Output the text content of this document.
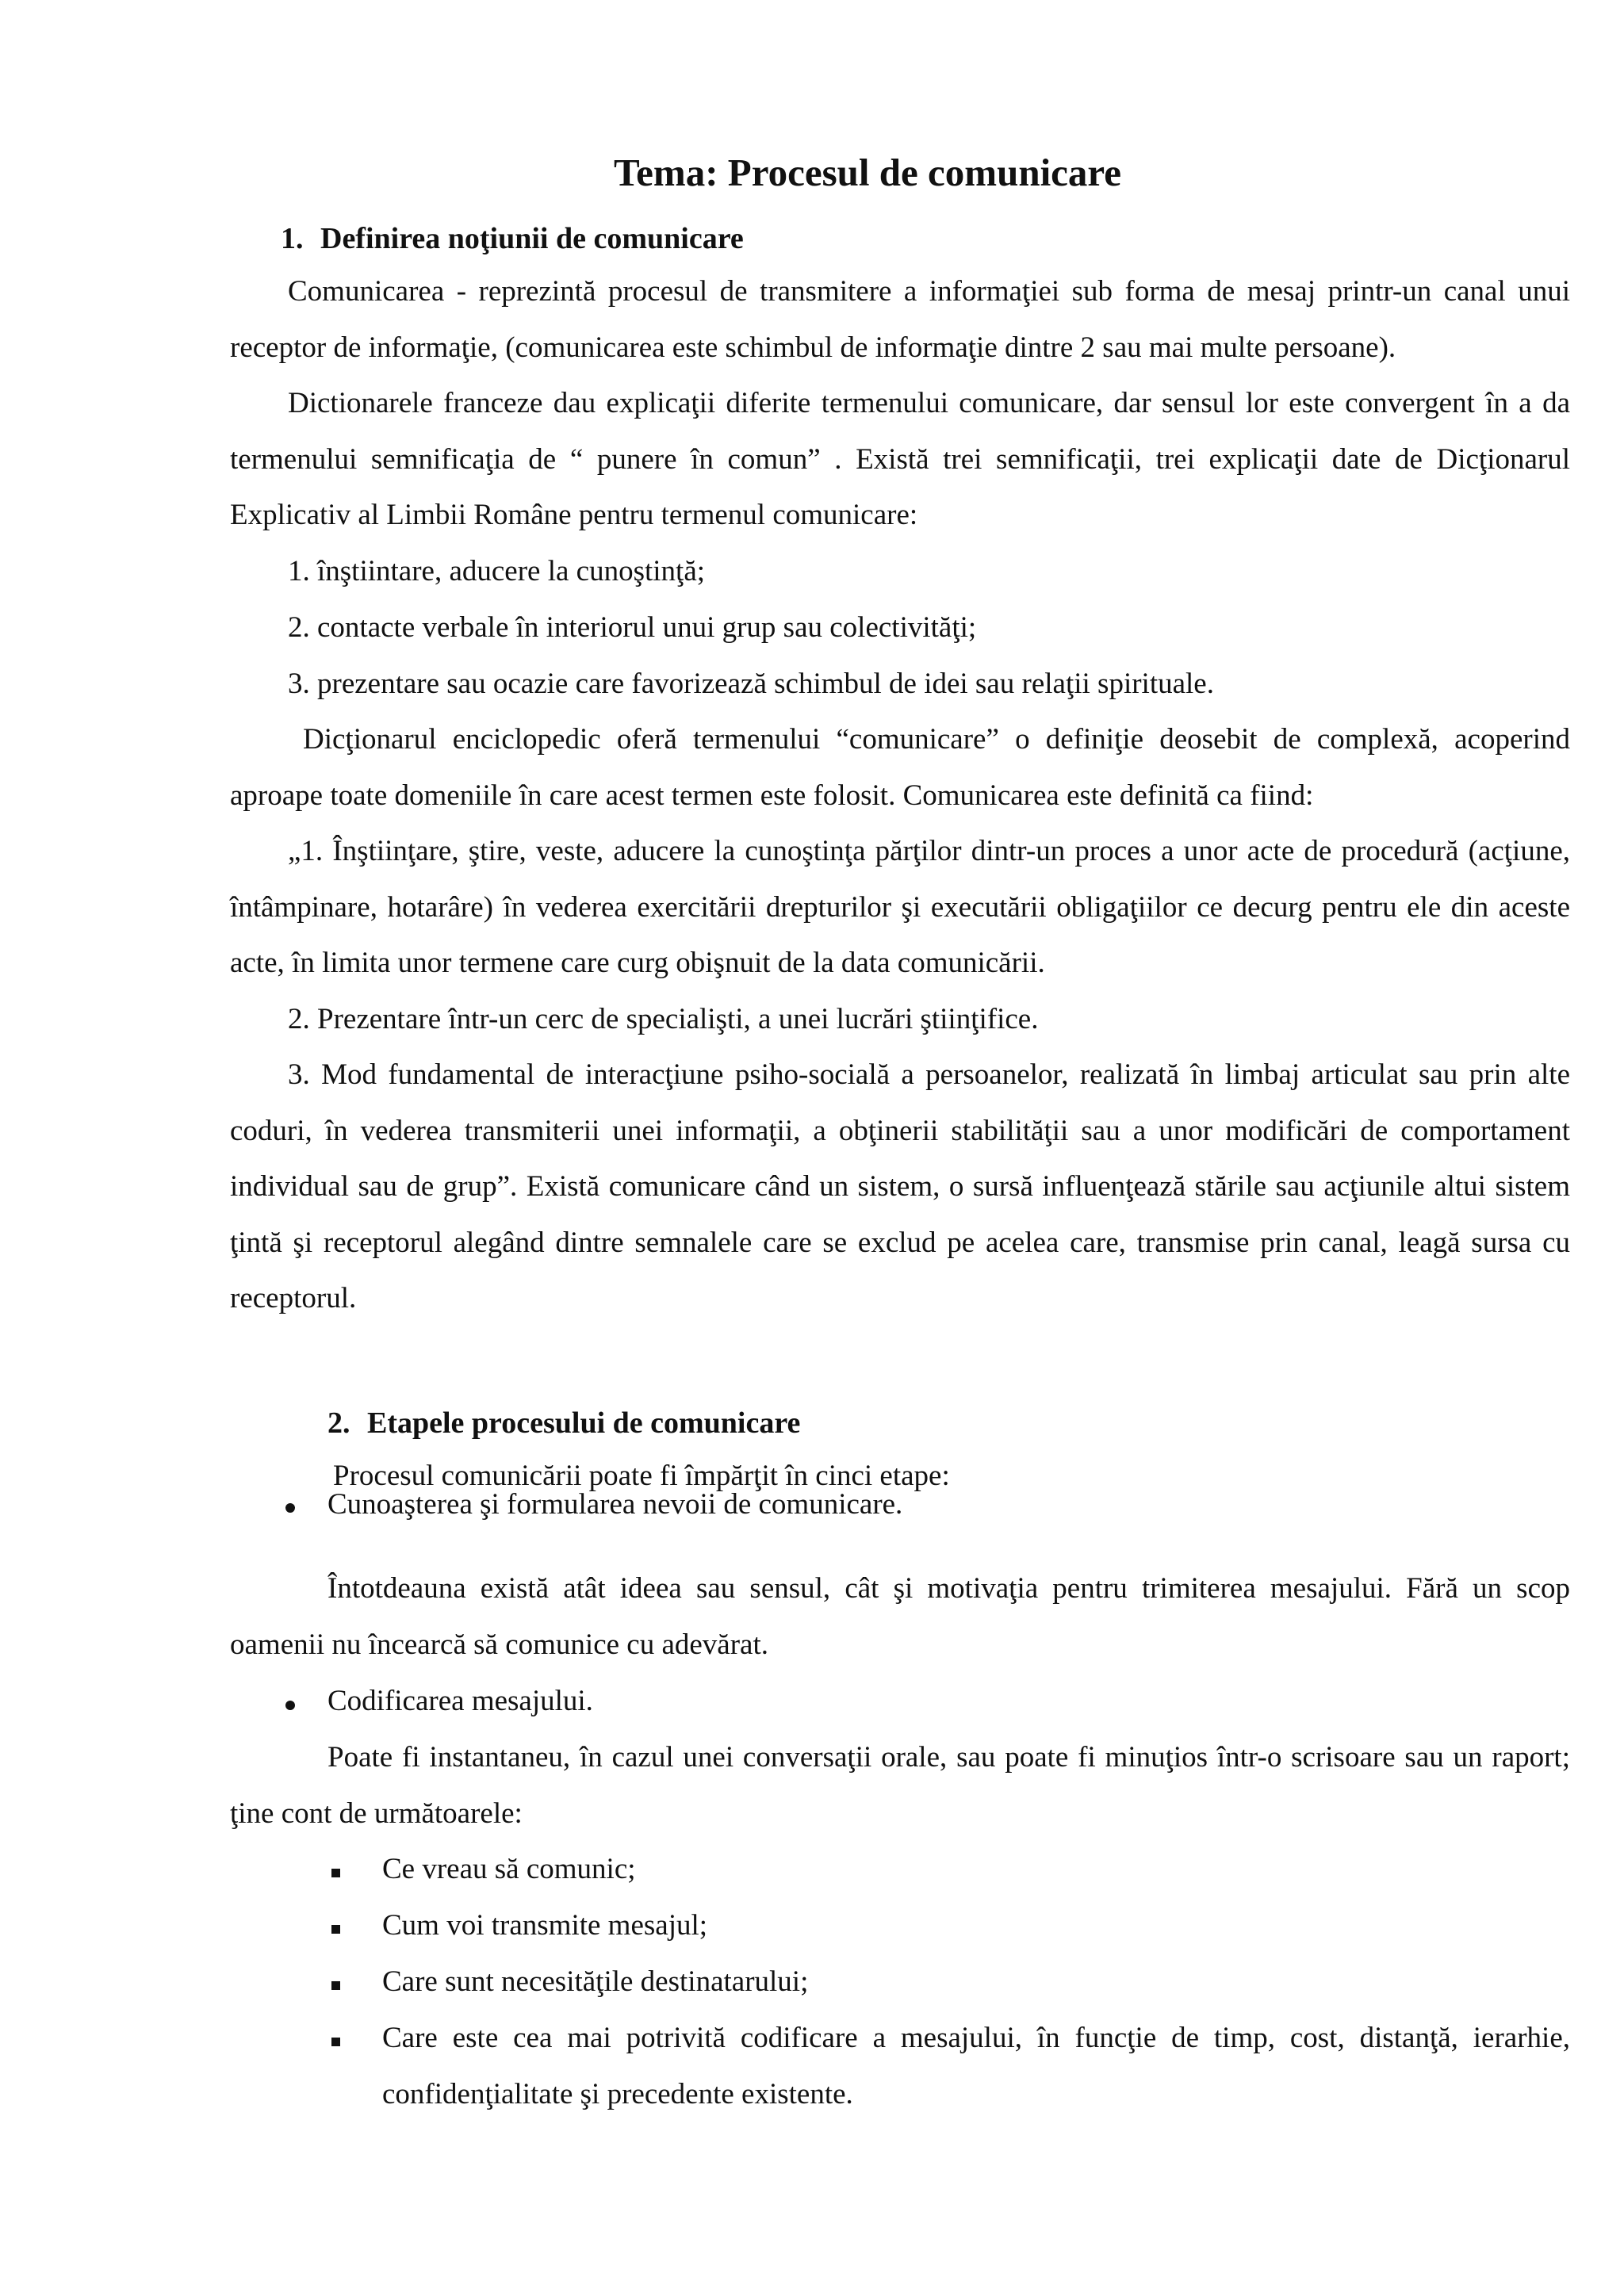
Tema: Procesul de comunicare
1. Definirea noţiunii de comunicare

Comunicarea - reprezintă procesul de transmitere a informaţiei sub forma de mesaj printr-un canal unui receptor de informaţie, (comunicarea este schimbul de informaţie dintre 2 sau mai multe persoane).

Dictionarele franceze dau explicaţii diferite termenului comunicare, dar sensul lor este convergent în a da termenului semnificaţia de “ punere în comun” . Există trei semnificaţii, trei explicaţii date de Dicţionarul Explicativ al Limbii Române pentru termenul comunicare:

1. înştiintare, aducere la cunoştinţă;

2. contacte verbale în interiorul unui grup sau colectivităţi;

3. prezentare sau ocazie care favorizează schimbul de idei sau relaţii spirituale.

Dicţionarul enciclopedic oferă termenului “comunicare” o definiţie deosebit de complexă, acoperind aproape toate domeniile în care acest termen este folosit. Comunicarea este definită ca fiind:

„1. Înştiinţare, ştire, veste, aducere la cunoştinţa părţilor dintr-un proces a unor acte de procedură (acţiune, întâmpinare, hotarâre) în vederea exercitării drepturilor şi executării obligaţiilor ce decurg pentru ele din aceste acte, în limita unor termene care curg obişnuit de la data comunicării.

2. Prezentare într-un cerc de specialişti, a unei lucrări ştiinţifice.

3. Mod fundamental de interacţiune psiho-socială a persoanelor, realizată în limbaj articulat sau prin alte coduri, în vederea transmiterii unei informaţii, a obţinerii stabilităţii sau a unor modificări de comportament individual sau de grup”. Există comunicare când un sistem, o sursă influenţează stările sau acţiunile altui sistem ţintă şi receptorul alegând dintre semnalele care se exclud pe acelea care, transmise prin canal, leagă sursa cu receptorul.

2. Etapele procesului de comunicare

Procesul comunicării poate fi împărţit în cinci etape:

Cunoaşterea şi formularea nevoii de comunicare.

Întotdeauna există atât ideea sau sensul, cât şi motivaţia pentru trimiterea mesajului. Fără un scop oamenii nu încearcă să comunice cu adevărat.

Codificarea mesajului.

Poate fi instantaneu, în cazul unei conversaţii orale, sau poate fi minuţios într-o scrisoare sau un raport; ţine cont de următoarele:

Ce vreau să comunic;

Cum voi transmite mesajul;

Care sunt necesităţile destinatarului;

Care este cea mai potrivită codificare a mesajului, în funcţie de timp, cost, distanţă, ierarhie, confidenţialitate şi precedente existente.
